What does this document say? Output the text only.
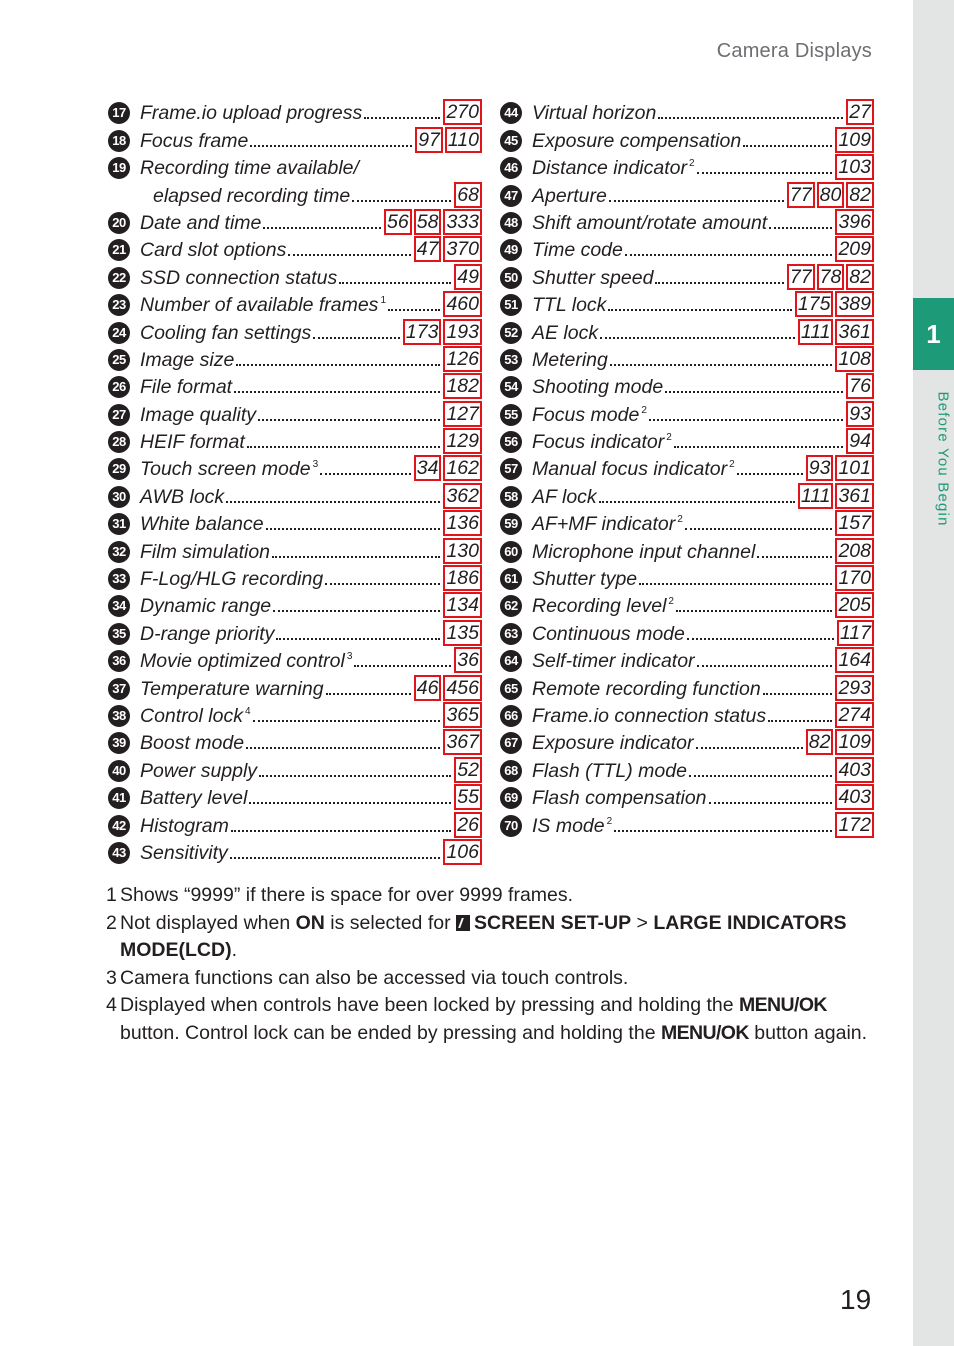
Camera Displays
1
Before You Begin
17 Frame.io upload progress	270
18 Focus frame	97 110
19 Recording time available/
elapsed recording time	68
20 Date and time	56 58 333
21 Card slot options	47 370
22 SSD connection status	49
23 Number of available frames $^1$	460
24 Cooling fan settings	173 193
25 Image size	126
26 File format	182
27 Image quality	127
28 HEIF format	129
29 Touch screen mode $^3$	34 162
30 AWB lock	362
31 White balance	136
32 Film simulation	130
33 F-Log/HLG recording	186
34 Dynamic range	134
35 D-range priority	135
36 Movie optimized control $^3$	36
37 Temperature warning	46 456
38 Control lock $^4$	365
39 Boost mode	367
40 Power supply	52
41 Battery level	55
42 Histogram	26
43 Sensitivity	106
44 Virtual horizon	27
45 Exposure compensation	109
46 Distance indicator $^2$	103
47 Aperture	77 80 82
48 Shift amount/rotate amount	396
49 Time code	209
50 Shutter speed	77 78 82
51 TTL lock	175 389
52 AE lock	111 361
53 Metering	108
54 Shooting mode	76
55 Focus mode $^2$	93
56 Focus indicator $^2$	94
57 Manual focus indicator $^2$	93 101
58 AF lock	111 361
59 AF+MF indicator $^2$	157
60 Microphone input channel	208
61 Shutter type	170
62 Recording level $^2$	205
63 Continuous mode	117
64 Self-timer indicator	164
65 Remote recording function	293
66 Frame.io connection status	274
67 Exposure indicator	82 109
68 Flash (TTL) mode	403
69 Flash compensation	403
70 IS mode $^2$	172
1 Shows “9999” if there is space for over 9999 frames.
2 Not displayed when ON is selected for SCREEN SET-UP > LARGE INDICATORS MODE(LCD).
3 Camera functions can also be accessed via touch controls.
4 Displayed when controls have been locked by pressing and holding the MENU/OK button. Control lock can be ended by pressing and holding the MENU/OK button again.
19
